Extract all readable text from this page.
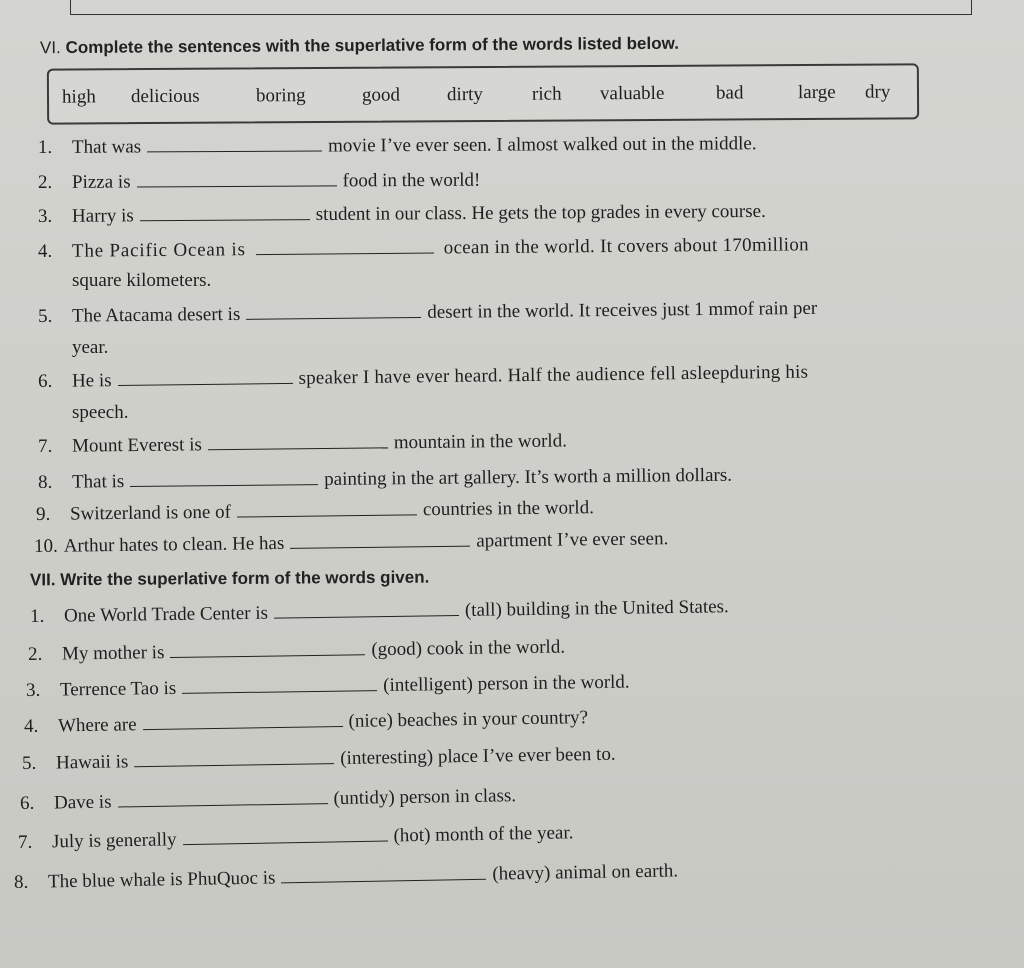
VI. Complete the sentences with the superlative form of the words listed below.
high delicious	boring	good dirty	rich valuable	bad	large dry
1. That was	movie I’ve ever seen. I almost walked out in the middle.
2. Pizza is	food in the world!
3. Harry is	student in our class. He gets the top grades in every course.
4. The Pacific Ocean is	ocean in the world. It covers about 170million
square kilometers.
5. The Atacama desert is	desert in the world. It receives just 1 mmof rain per
year.
6. He is	speaker I have ever heard. Half the audience fell asleepduring his
speech.
7. Mount Everest is	mountain in the world.
8. That is	painting in the art gallery. It’s worth a million dollars.
9. Switzerland is one of	countries in the world.
10. Arthur hates to clean. He has	apartment I’ve ever seen.
VII. Write the superlative form of the words given.
1. One World Trade Center is	(tall) building in the United States.
2. My mother is	(good) cook in the world.
3. Terrence Tao is	(intelligent) person in the world.
4. Where are	(nice) beaches in your country?
5. Hawaii is	(interesting) place I’ve ever been to.
6. Dave is	(untidy) person in class.
7. July is generally	(hot) month of the year.
8. The blue whale is PhuQuoc is	(heavy) animal on earth.
